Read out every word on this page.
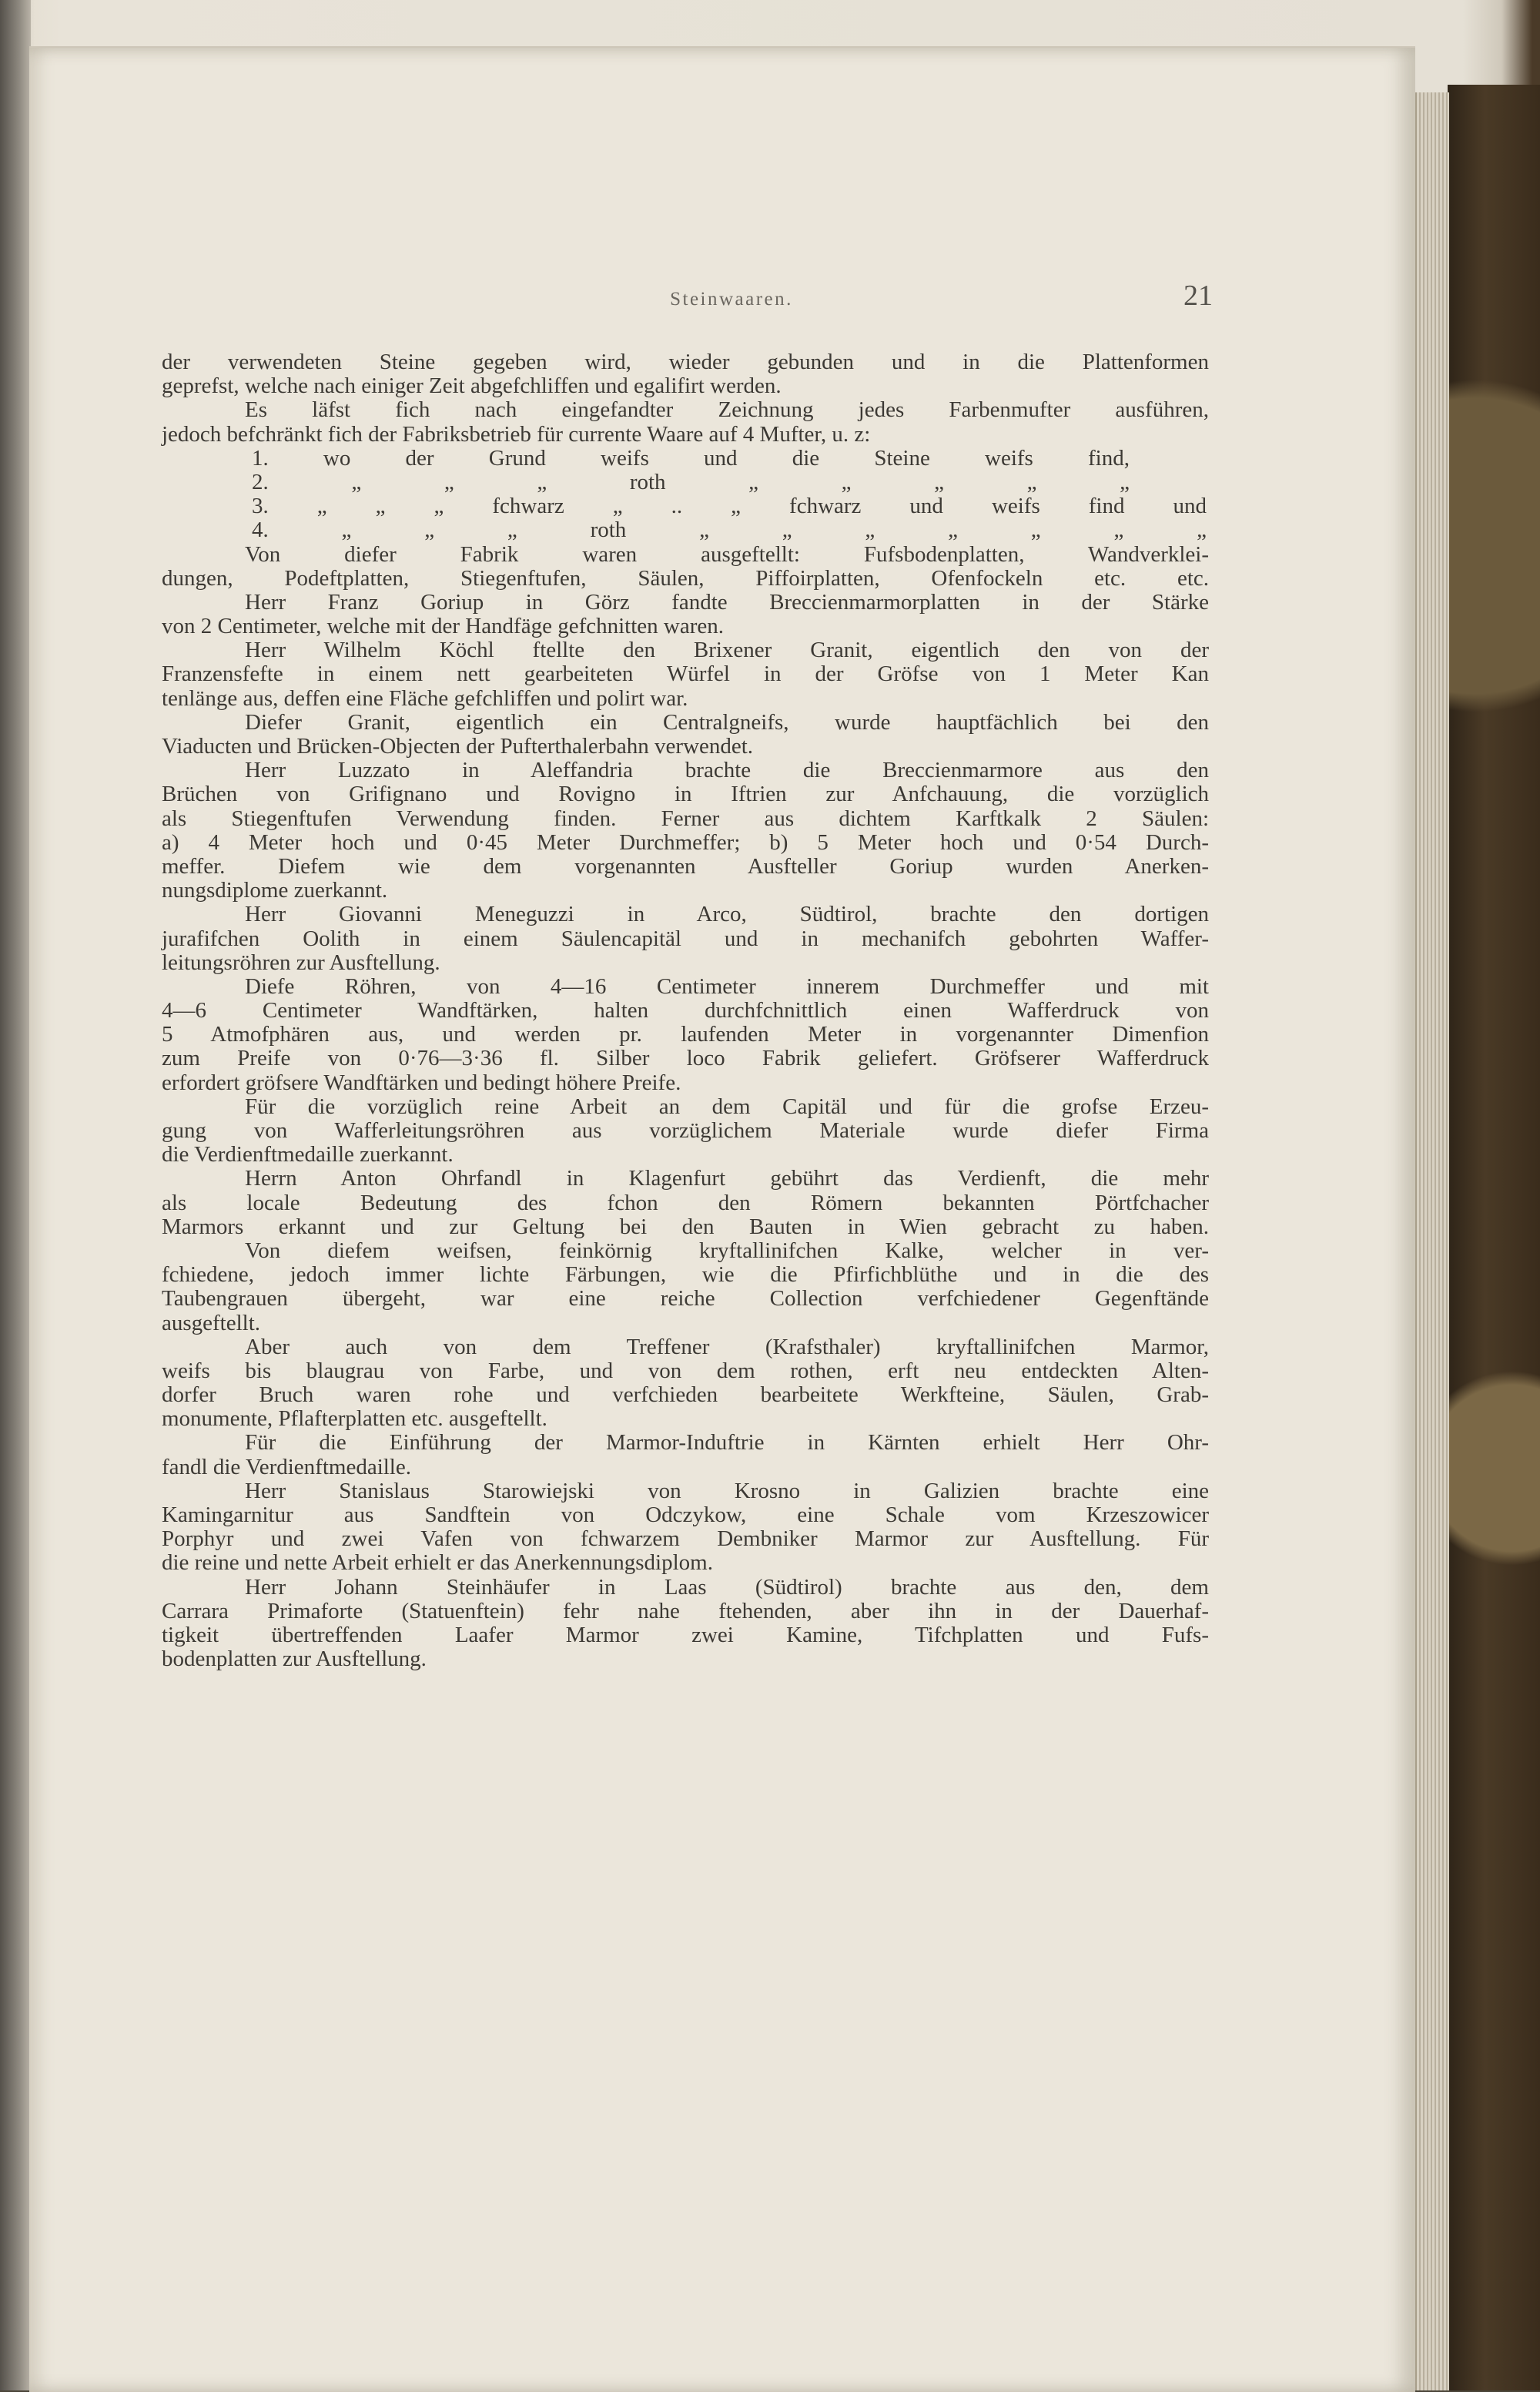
Steinwaaren.	21
der verwendeten Steine gegeben wird, wieder gebunden und in die Plattenformen
geprefst, welche nach einiger Zeit abgefchliffen und egalifirt werden.
Es läfst fich nach eingefandter Zeichnung jedes Farbenmufter ausführen,
jedoch befchränkt fich der Fabriksbetrieb für currente Waare auf 4 Mufter, u. z:
1. wo der Grund weifs und die Steine weifs find,
2. „ „ „ roth „ „ „ „ „
3. „ „ „ fchwarz „ .. „ fchwarz und weifs find und
4. „ „ „ roth „ „ „ „ „ „ „
Von diefer Fabrik waren ausgeftellt: Fufsbodenplatten, Wandverklei-
dungen, Podeftplatten, Stiegenftufen, Säulen, Piffoirplatten, Ofenfockeln etc. etc.
Herr Franz Goriup in Görz fandte Breccienmarmorplatten in der Stärke
von 2 Centimeter, welche mit der Handfäge gefchnitten waren.
Herr Wilhelm Köchl ftellte den Brixener Granit, eigentlich den von der
Franzensfefte in einem nett gearbeiteten Würfel in der Gröfse von 1 Meter Kan
tenlänge aus, deffen eine Fläche gefchliffen und polirt war.
Diefer Granit, eigentlich ein Centralgneifs, wurde hauptfächlich bei den
Viaducten und Brücken-Objecten der Pufterthalerbahn verwendet.
Herr Luzzato in Aleffandria brachte die Breccienmarmore aus den
Brüchen von Grifignano und Rovigno in Iftrien zur Anfchauung, die vorzüglich
als Stiegenftufen Verwendung finden. Ferner aus dichtem Karftkalk 2 Säulen:
a) 4 Meter hoch und 0·45 Meter Durchmeffer; b) 5 Meter hoch und 0·54 Durch-
meffer. Diefem wie dem vorgenannten Ausfteller Goriup wurden Anerken-
nungsdiplome zuerkannt.
Herr Giovanni Meneguzzi in Arco, Südtirol, brachte den dortigen
jurafifchen Oolith in einem Säulencapitäl und in mechanifch gebohrten Waffer-
leitungsröhren zur Ausftellung.
Diefe Röhren, von 4—16 Centimeter innerem Durchmeffer und mit
4—6 Centimeter Wandftärken, halten durchfchnittlich einen Wafferdruck von
5 Atmofphären aus, und werden pr. laufenden Meter in vorgenannter Dimenfion
zum Preife von 0·76—3·36 fl. Silber loco Fabrik geliefert. Gröfserer Wafferdruck
erfordert gröfsere Wandftärken und bedingt höhere Preife.
Für die vorzüglich reine Arbeit an dem Capitäl und für die grofse Erzeu-
gung von Wafferleitungsröhren aus vorzüglichem Materiale wurde diefer Firma
die Verdienftmedaille zuerkannt.
Herrn Anton Ohrfandl in Klagenfurt gebührt das Verdienft, die mehr
als locale Bedeutung des fchon den Römern bekannten Pörtfchacher
Marmors erkannt und zur Geltung bei den Bauten in Wien gebracht zu haben.
Von diefem weifsen, feinkörnig kryftallinifchen Kalke, welcher in ver-
fchiedene, jedoch immer lichte Färbungen, wie die Pfirfichblüthe und in die des
Taubengrauen übergeht, war eine reiche Collection verfchiedener Gegenftände
ausgeftellt.
Aber auch von dem Treffener (Krafsthaler) kryftallinifchen Marmor,
weifs bis blaugrau von Farbe, und von dem rothen, erft neu entdeckten Alten-
dorfer Bruch waren rohe und verfchieden bearbeitete Werkfteine, Säulen, Grab-
monumente, Pflafterplatten etc. ausgeftellt.
Für die Einführung der Marmor-Induftrie in Kärnten erhielt Herr Ohr-
fandl die Verdienftmedaille.
Herr Stanislaus Starowiejski von Krosno in Galizien brachte eine
Kamingarnitur aus Sandftein von Odczykow, eine Schale vom Krzeszowicer
Porphyr und zwei Vafen von fchwarzem Dembniker Marmor zur Ausftellung. Für
die reine und nette Arbeit erhielt er das Anerkennungsdiplom.
Herr Johann Steinhäufer in Laas (Südtirol) brachte aus den, dem
Carrara Primaforte (Statuenftein) fehr nahe ftehenden, aber ihn in der Dauerhaf-
tigkeit übertreffenden Laafer Marmor zwei Kamine, Tifchplatten und Fufs-
bodenplatten zur Ausftellung.
